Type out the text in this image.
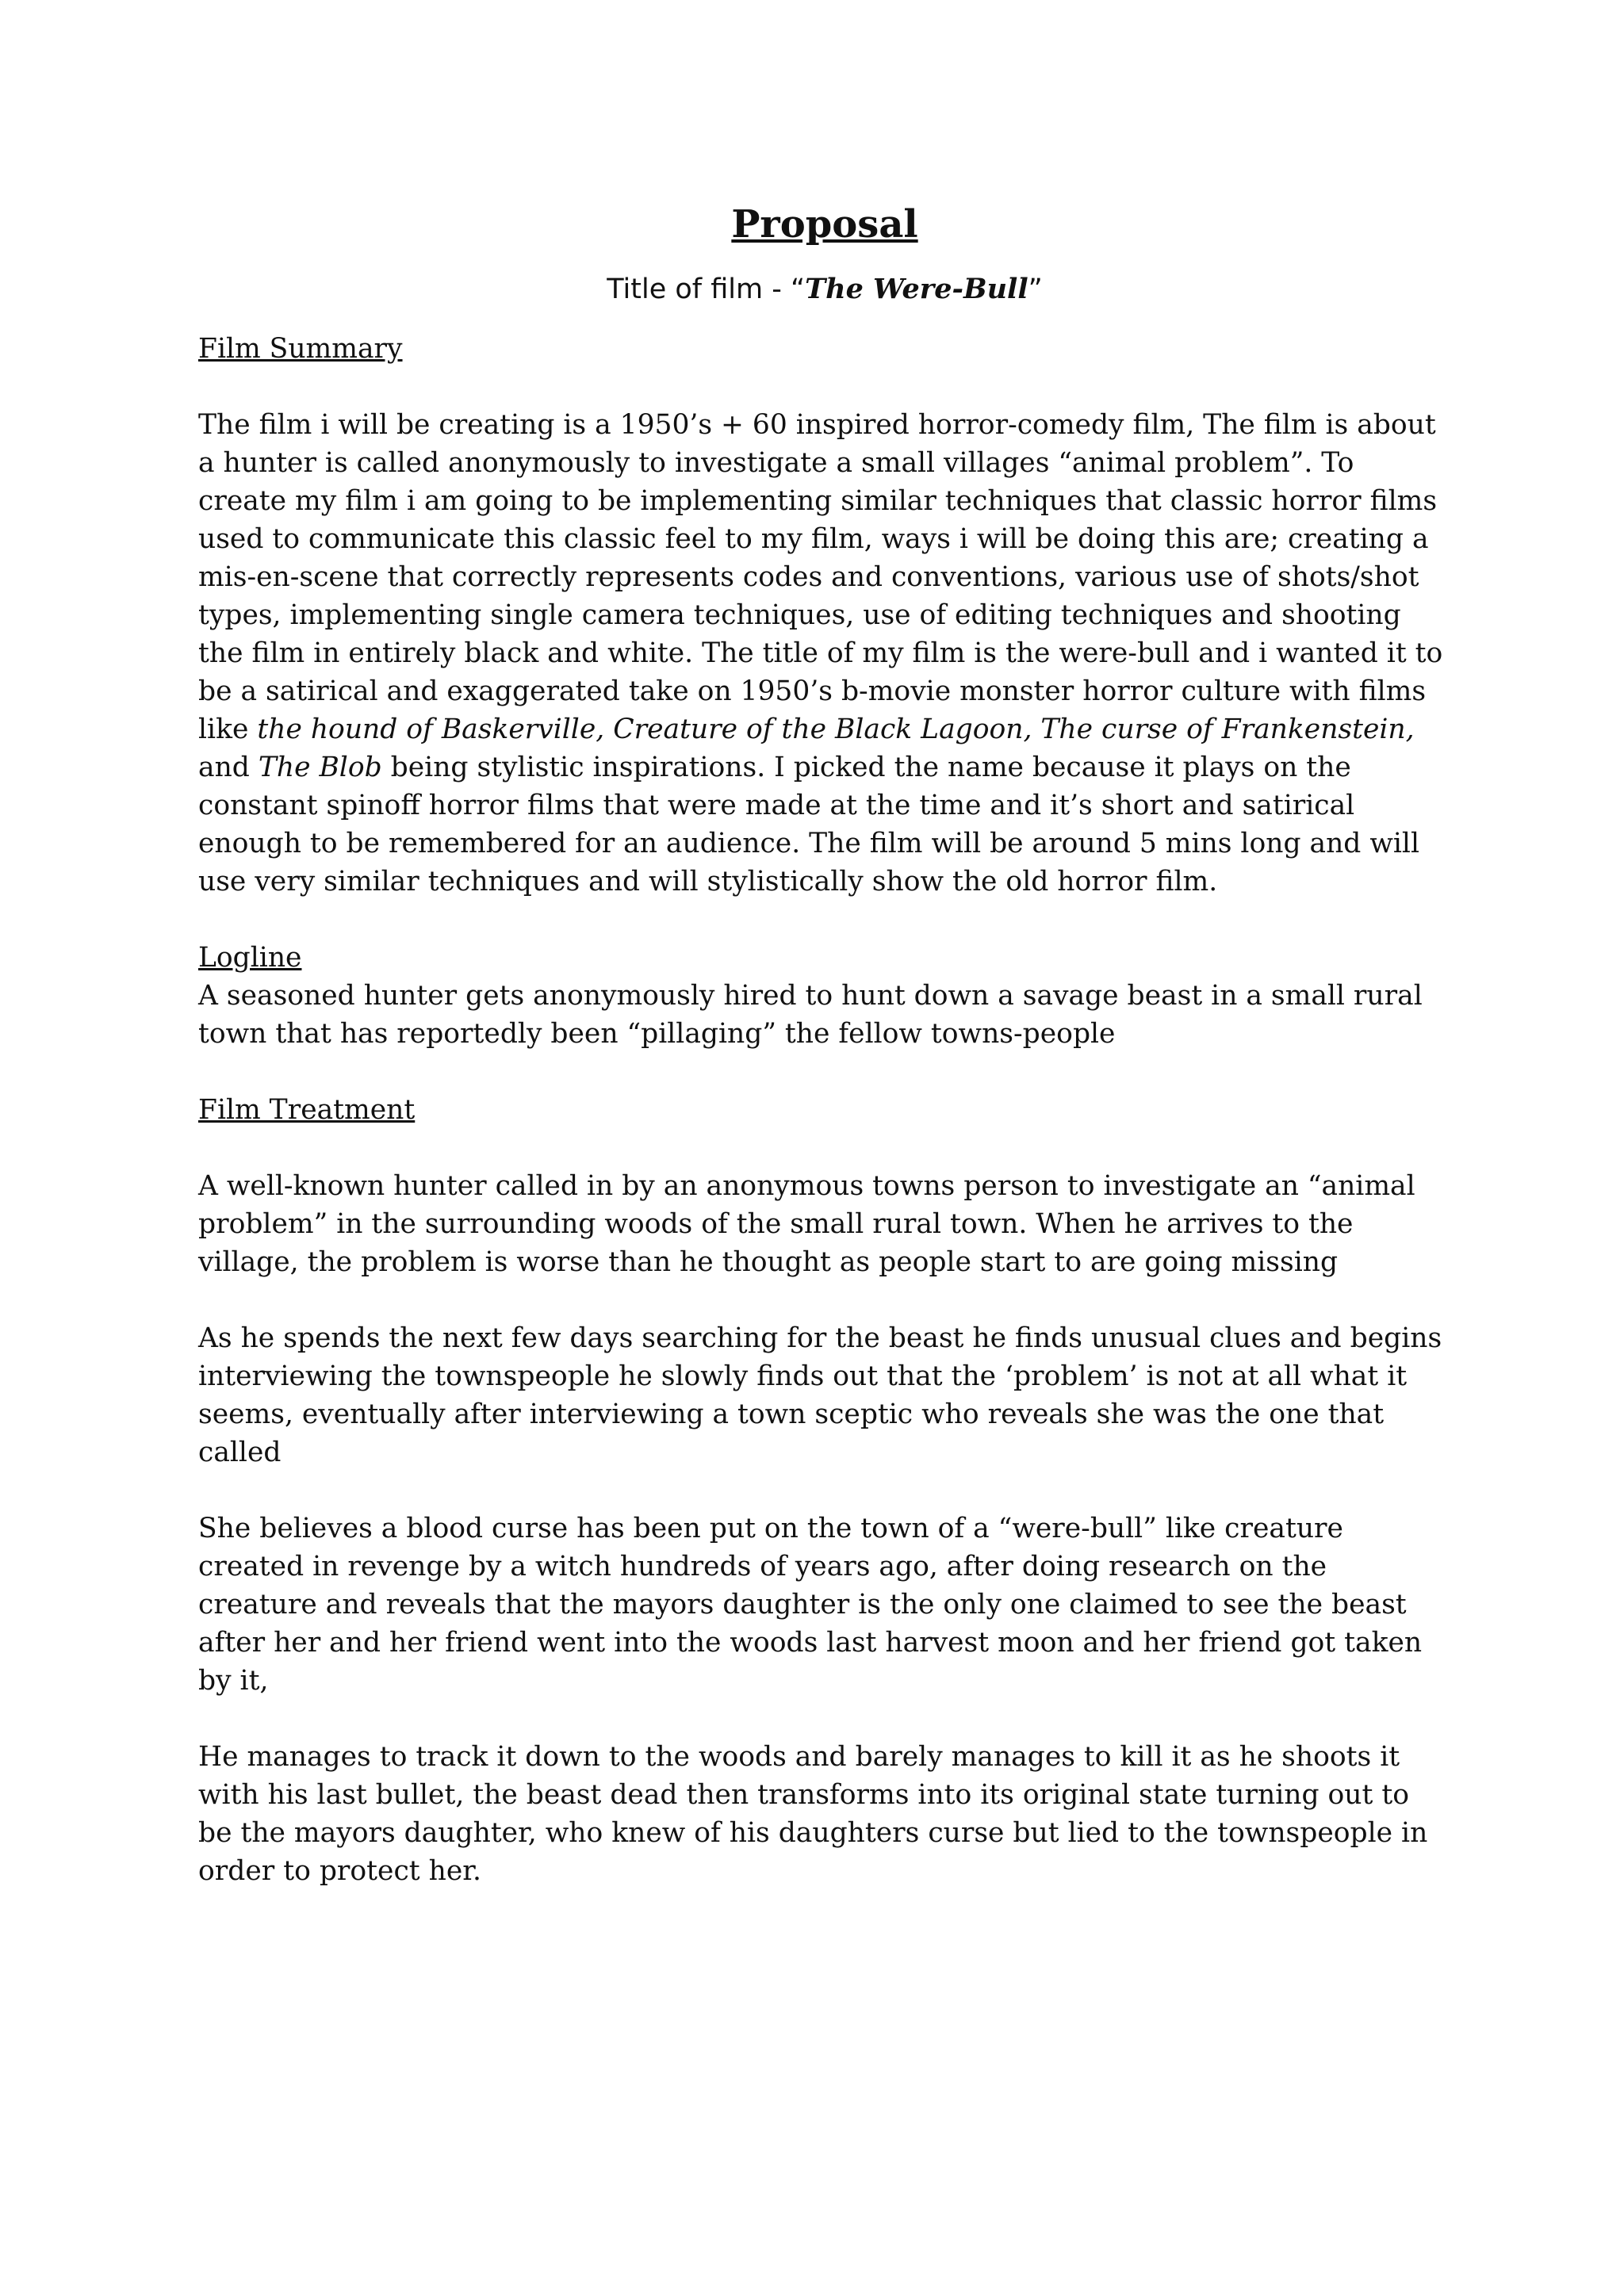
Proposal

Title of film - “The Were-Bull”

Film Summary

The film i will be creating is a 1950’s + 60 inspired horror-comedy film, The film is about a hunter is called anonymously to investigate a small villages “animal problem”. To create my film i am going to be implementing similar techniques that classic horror films used to communicate this classic feel to my film, ways i will be doing this are; creating a mis-en-scene that correctly represents codes and conventions, various use of shots/shot types, implementing single camera techniques, use of editing techniques and shooting the film in entirely black and white. The title of my film is the were-bull and i wanted it to be a satirical and exaggerated take on 1950’s b-movie monster horror culture with films like the hound of Baskerville, Creature of the Black Lagoon, The curse of Frankenstein, and The Blob being stylistic inspirations. I picked the name because it plays on the constant spinoff horror films that were made at the time and it’s short and satirical enough to be remembered for an audience. The film will be around 5 mins long and will use very similar techniques and will stylistically show the old horror film.

Logline

A seasoned hunter gets anonymously hired to hunt down a savage beast in a small rural town that has reportedly been “pillaging” the fellow towns-people

Film Treatment

A well-known hunter called in by an anonymous towns person to investigate an “animal problem” in the surrounding woods of the small rural town. When he arrives to the village, the problem is worse than he thought as people start to are going missing

As he spends the next few days searching for the beast he finds unusual clues and begins interviewing the townspeople he slowly finds out that the ‘problem’ is not at all what it seems, eventually after interviewing a town sceptic who reveals she was the one that called

She believes a blood curse has been put on the town of a “were-bull” like creature created in revenge by a witch hundreds of years ago, after doing research on the creature and reveals that the mayors daughter is the only one claimed to see the beast after her and her friend went into the woods last harvest moon and her friend got taken by it,

He manages to track it down to the woods and barely manages to kill it as he shoots it with his last bullet, the beast dead then transforms into its original state turning out to be the mayors daughter, who knew of his daughters curse but lied to the townspeople in order to protect her.
